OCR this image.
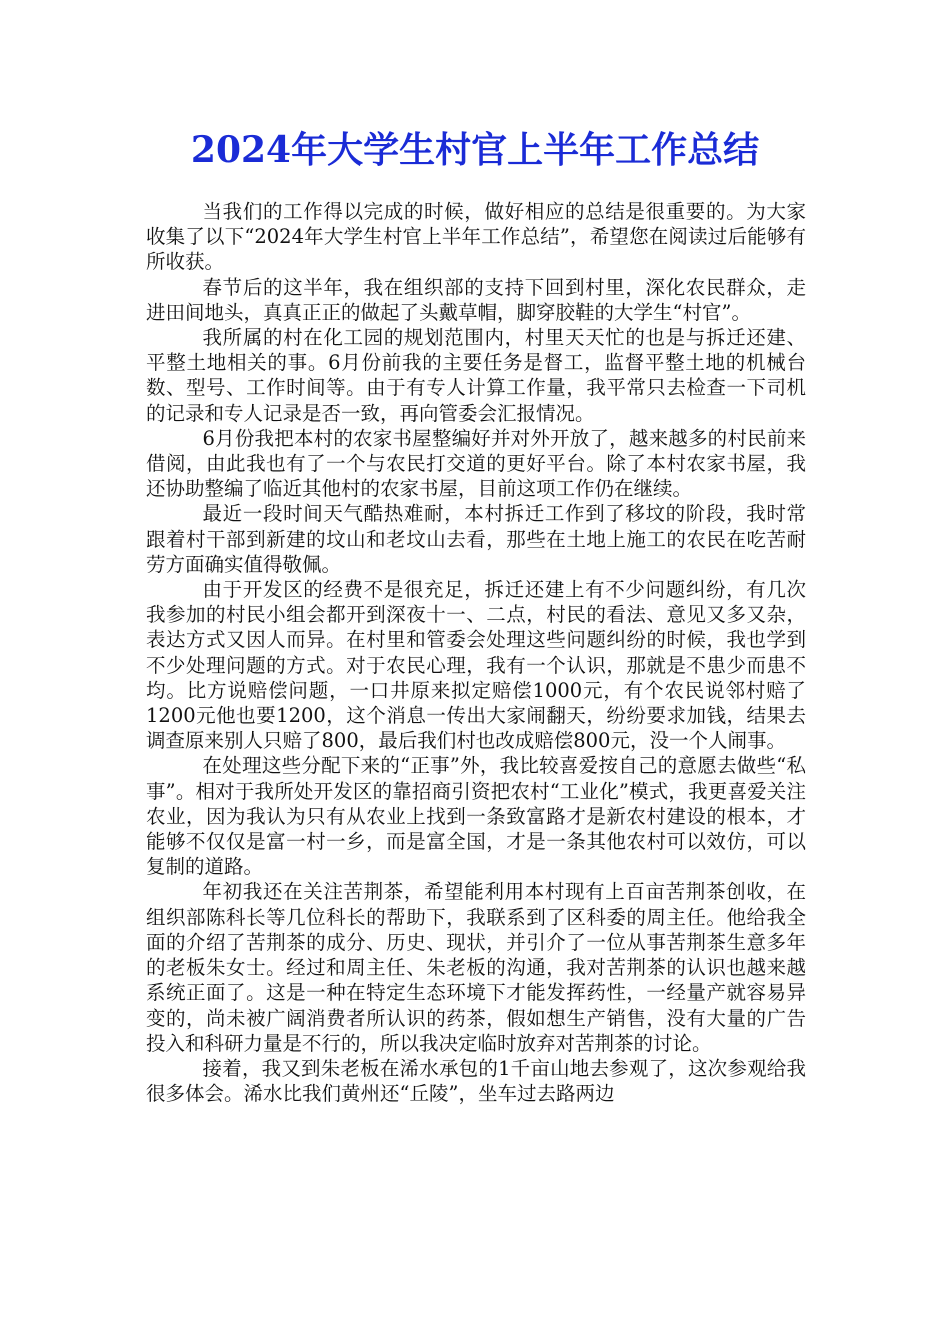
2024年大学生村官上半年工作总结

当我们的工作得以完成的时候，做好相应的总结是很重要的。为大家收集了以下“2024年大学生村官上半年工作总结”，希望您在阅读过后能够有所收获。

春节后的这半年，我在组织部的支持下回到村里，深化农民群众，走进田间地头，真真正正的做起了头戴草帽，脚穿胶鞋的大学生“村官”。

我所属的村在化工园的规划范围内，村里天天忙的也是与拆迁还建、平整土地相关的事。6月份前我的主要任务是督工，监督平整土地的机械台数、型号、工作时间等。由于有专人计算工作量，我平常只去检查一下司机的记录和专人记录是否一致，再向管委会汇报情况。

6月份我把本村的农家书屋整编好并对外开放了，越来越多的村民前来借阅，由此我也有了一个与农民打交道的更好平台。除了本村农家书屋，我还协助整编了临近其他村的农家书屋，目前这项工作仍在继续。

最近一段时间天气酷热难耐，本村拆迁工作到了移坟的阶段，我时常跟着村干部到新建的坟山和老坟山去看，那些在土地上施工的农民在吃苦耐劳方面确实值得敬佩。

由于开发区的经费不是很充足，拆迁还建上有不少问题纠纷，有几次我参加的村民小组会都开到深夜十一、二点，村民的看法、意见又多又杂，表达方式又因人而异。在村里和管委会处理这些问题纠纷的时候，我也学到不少处理问题的方式。对于农民心理，我有一个认识，那就是不患少而患不均。比方说赔偿问题，一口井原来拟定赔偿1000元，有个农民说邻村赔了1200元他也要1200，这个消息一传出大家闹翻天，纷纷要求加钱，结果去调查原来别人只赔了800，最后我们村也改成赔偿800元，没一个人闹事。

在处理这些分配下来的“正事”外，我比较喜爱按自己的意愿去做些“私事”。相对于我所处开发区的靠招商引资把农村“工业化”模式，我更喜爱关注农业，因为我认为只有从农业上找到一条致富路才是新农村建设的根本，才能够不仅仅是富一村一乡，而是富全国，才是一条其他农村可以效仿，可以复制的道路。

年初我还在关注苦荆茶，希望能利用本村现有上百亩苦荆茶创收，在组织部陈科长等几位科长的帮助下，我联系到了区科委的周主任。他给我全面的介绍了苦荆茶的成分、历史、现状，并引介了一位从事苦荆茶生意多年的老板朱女士。经过和周主任、朱老板的沟通，我对苦荆茶的认识也越来越系统正面了。这是一种在特定生态环境下才能发挥药性，一经量产就容易异变的，尚未被广阔消费者所认识的药茶，假如想生产销售，没有大量的广告投入和科研力量是不行的，所以我决定临时放弃对苦荆茶的讨论。

接着，我又到朱老板在浠水承包的1千亩山地去参观了，这次参观给我很多体会。浠水比我们黄州还“丘陵”，坐车过去路两边
